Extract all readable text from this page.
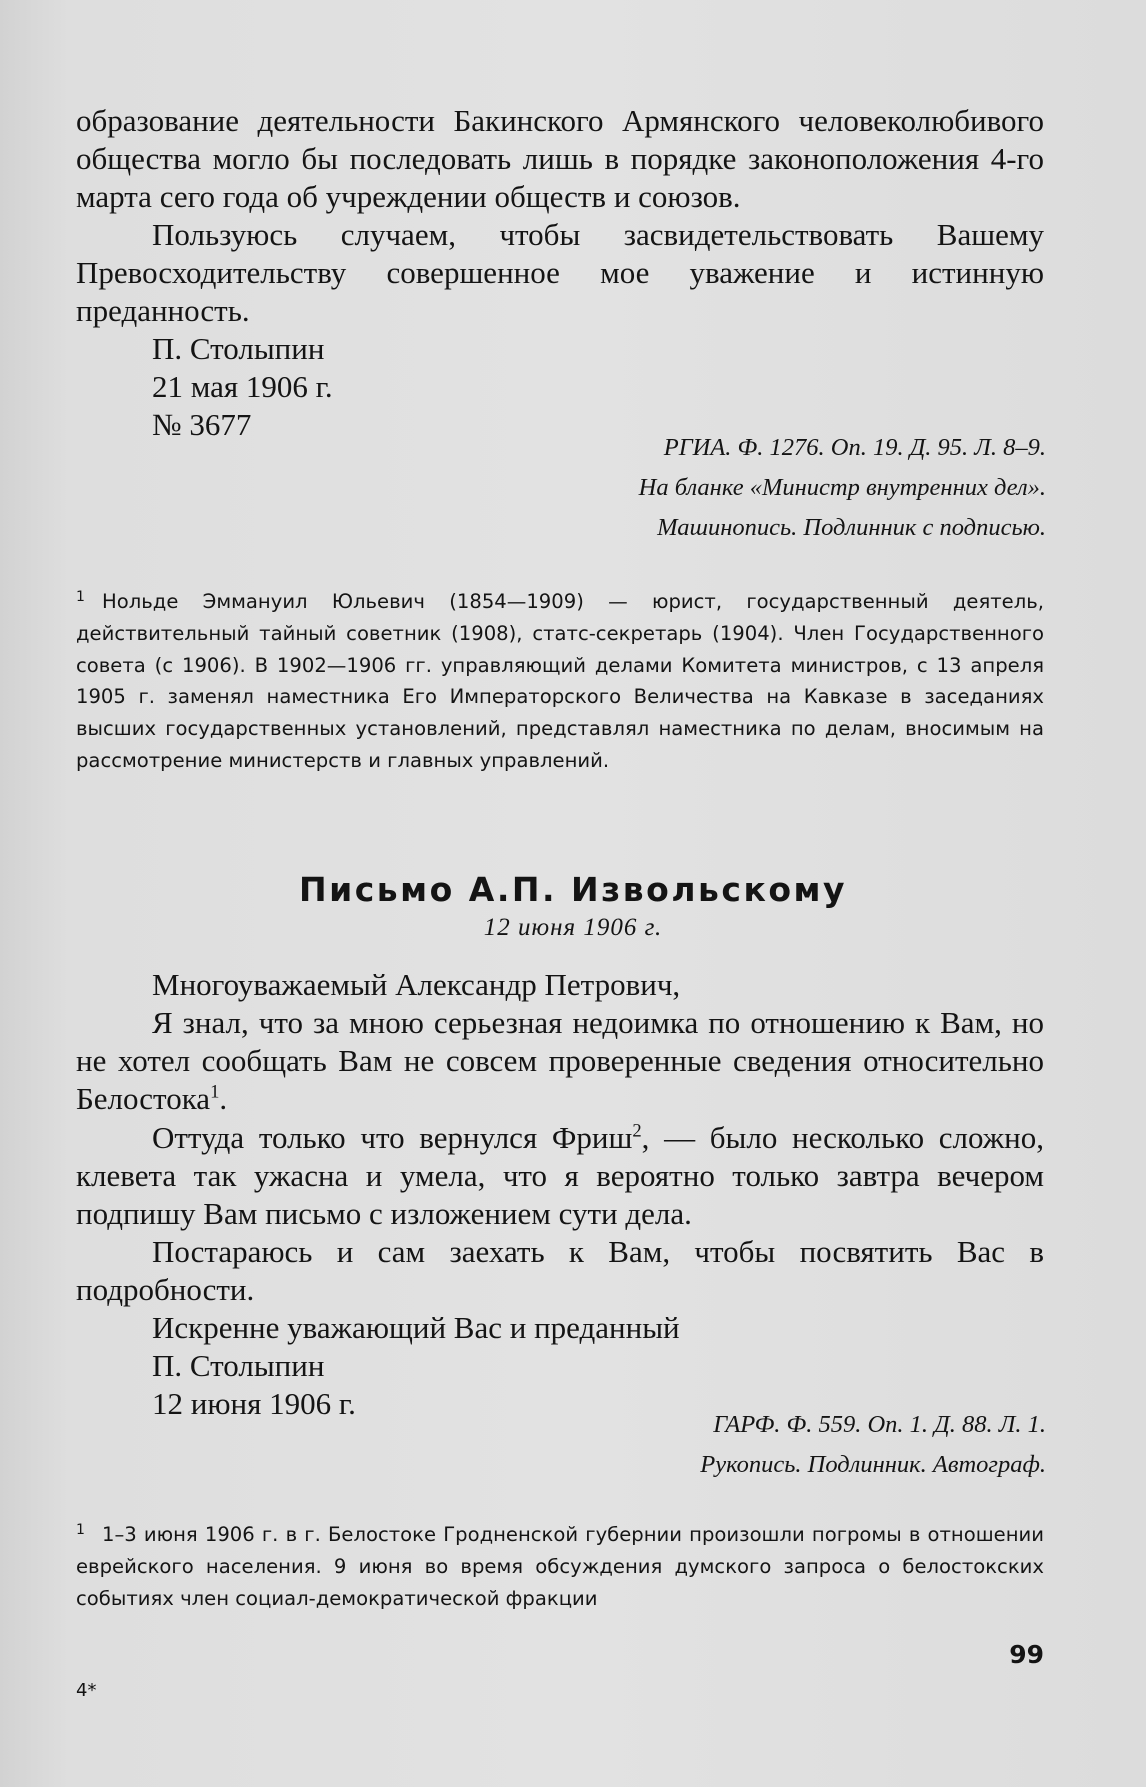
образование деятельности Бакинского Армянского человеколюбивого общества могло бы последовать лишь в порядке законоположения 4-го марта сего года об учреждении обществ и союзов.

Пользуюсь случаем, чтобы засвидетельствовать Вашему Превосходительству совершенное мое уважение и истинную преданность.

П. Столыпин
21 мая 1906 г.
№ 3677
РГИА. Ф. 1276. Оп. 19. Д. 95. Л. 8–9.
На бланке «Министр внутренних дел».
Машинопись. Подлинник с подписью.

1 Нольде Эммануил Юльевич (1854—1909) — юрист, государственный деятель, действительный тайный советник (1908), статс-секретарь (1904). Член Государственного совета (с 1906). В 1902—1906 гг. управляющий делами Комитета министров, с 13 апреля 1905 г. заменял наместника Его Императорского Величества на Кавказе в заседаниях высших государственных установлений, представлял наместника по делам, вносимым на рассмотрение министерств и главных управлений.

Письмо А.П. Извольскому
12 июня 1906 г.

Многоуважаемый Александр Петрович,

Я знал, что за мною серьезная недоимка по отношению к Вам, но не хотел сообщать Вам не совсем проверенные сведения относительно Белостока$^1$.

Оттуда только что вернулся Фриш$^2$, — было несколько сложно, клевета так ужасна и умела, что я вероятно только завтра вечером подпишу Вам письмо с изложением сути дела.

Постараюсь и сам заехать к Вам, чтобы посвятить Вас в подробности.

Искренне уважающий Вас и преданный
П. Столыпин
12 июня 1906 г.
ГАРФ. Ф. 559. Оп. 1. Д. 88. Л. 1.
Рукопись. Подлинник. Автограф.

1 1–3 июня 1906 г. в г. Белостоке Гродненской губернии произошли погромы в отношении еврейского населения. 9 июня во время обсуждения думского запроса о белостокских событиях член социал-демократической фракции

99
4*
